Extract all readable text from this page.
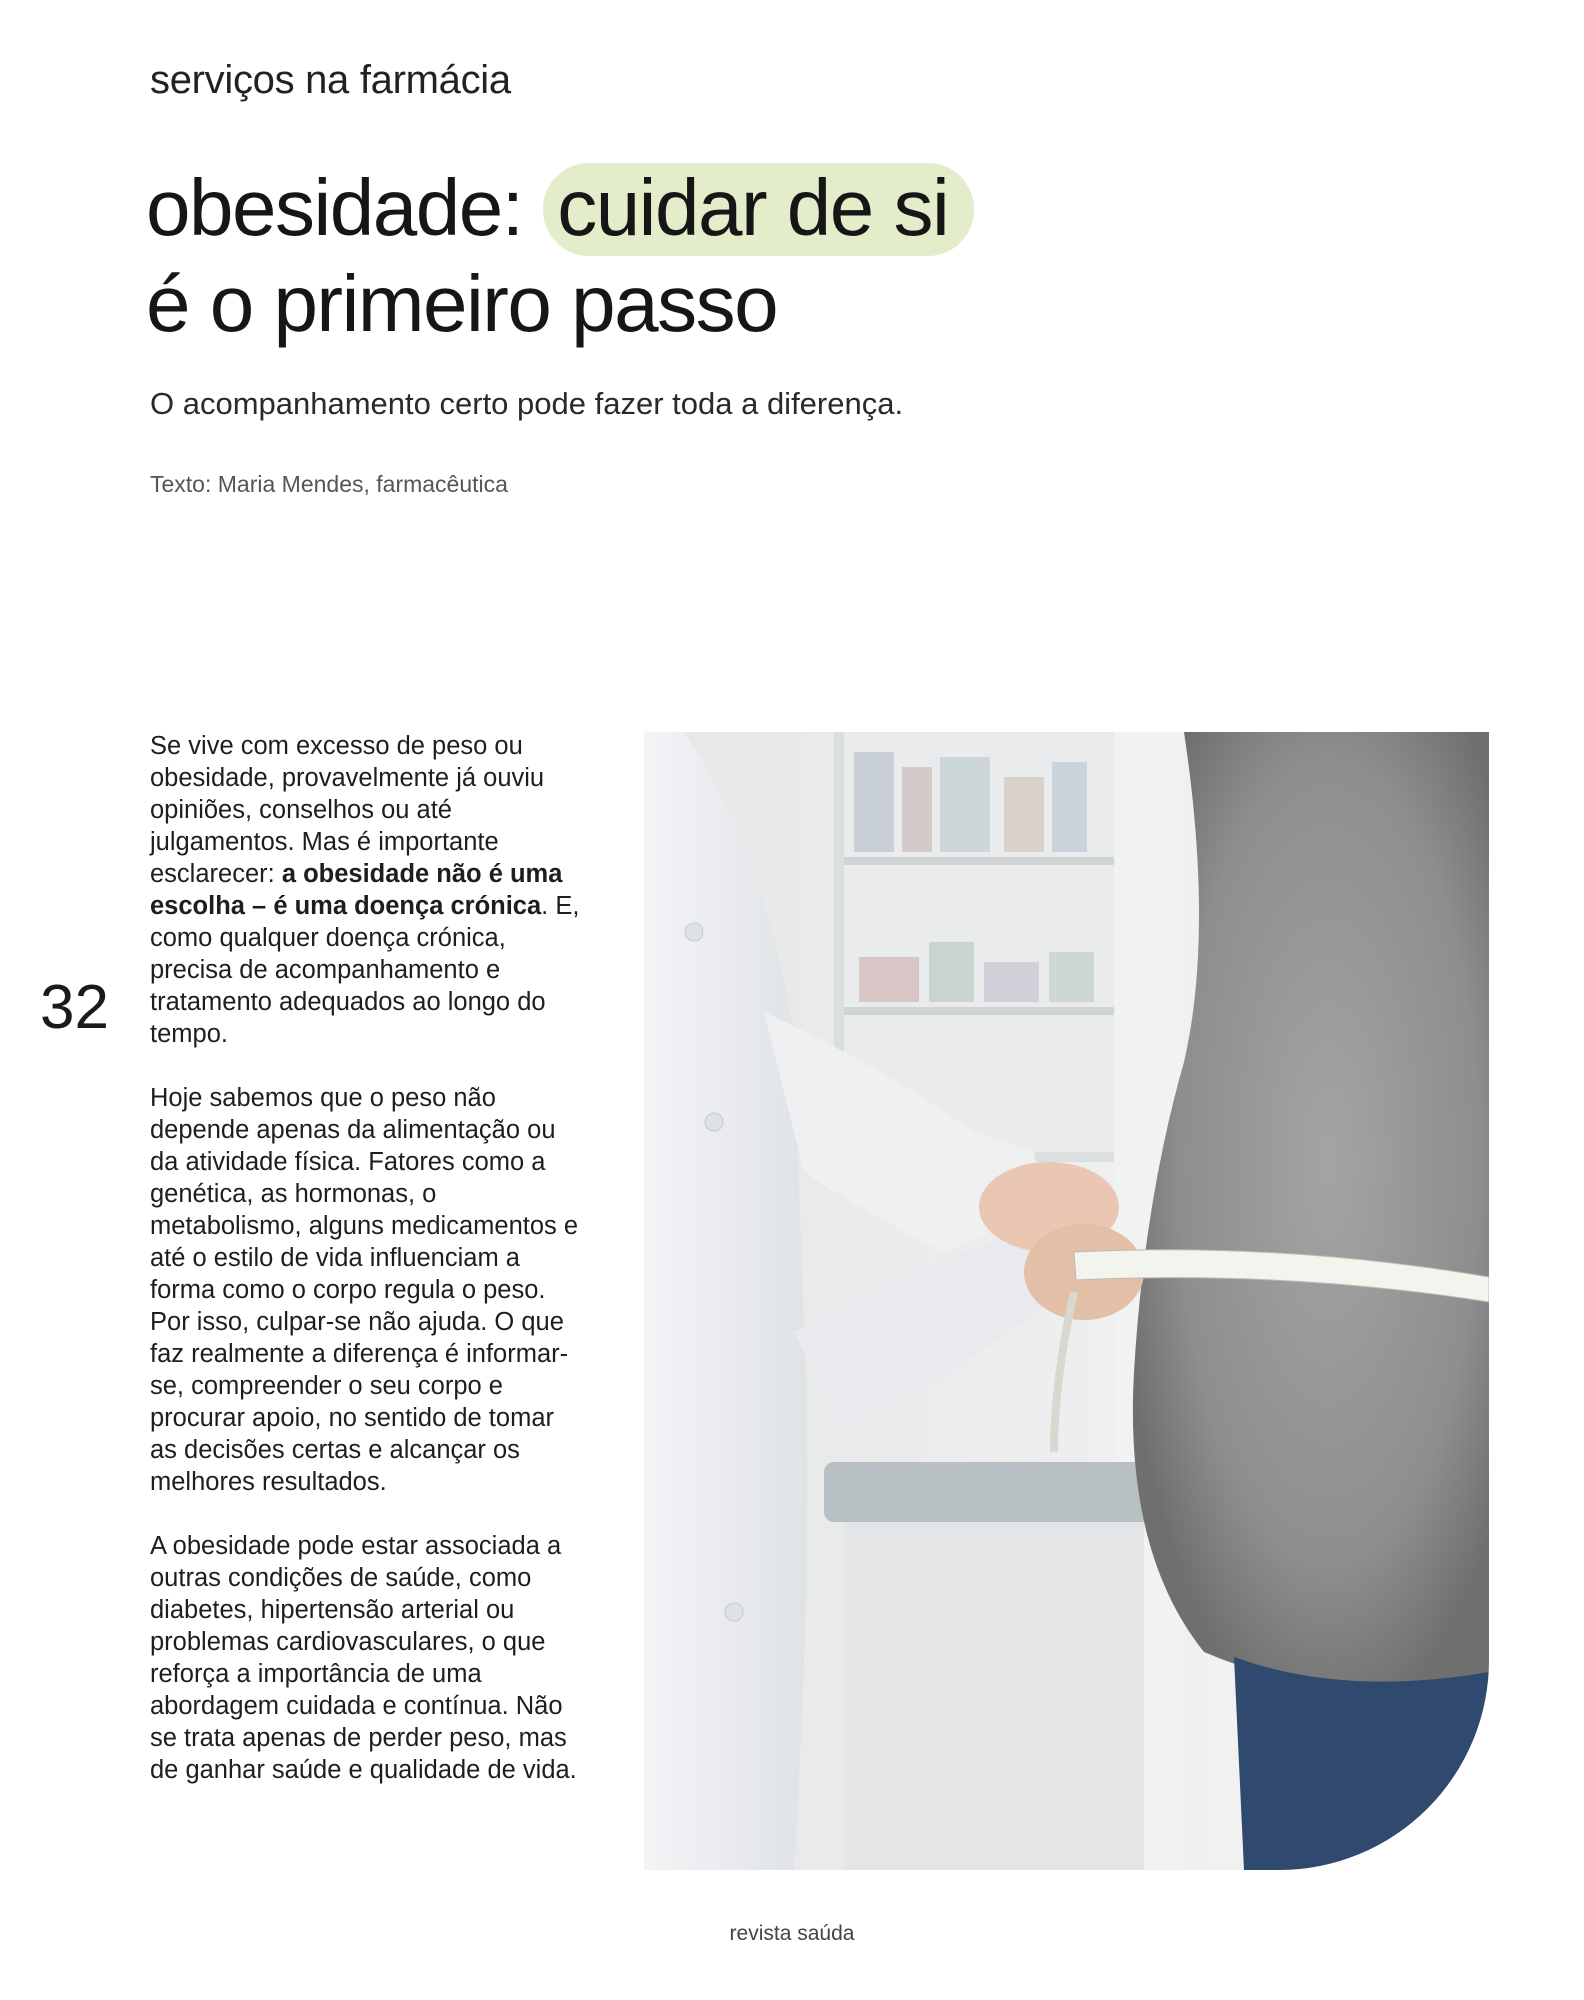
serviços na farmácia
obesidade: cuidar de si
é o primeiro passo

O acompanhamento certo pode fazer toda a diferença.

Texto: Maria Mendes, farmacêutica

32

Se vive com excesso de peso ou obesidade, provavelmente já ouviu opiniões, conselhos ou até julgamentos. Mas é importante esclarecer: a obesidade não é uma escolha – é uma doença crónica. E, como qualquer doença crónica, precisa de acompanhamento e tratamento adequados ao longo do tempo.

Hoje sabemos que o peso não depende apenas da alimentação ou da atividade física. Fatores como a genética, as hormonas, o metabolismo, alguns medicamentos e até o estilo de vida influenciam a forma como o corpo regula o peso. Por isso, culpar-se não ajuda. O que faz realmente a diferença é informar-se, compreender o seu corpo e procurar apoio, no sentido de tomar as decisões certas e alcançar os melhores resultados.

A obesidade pode estar associada a outras condições de saúde, como diabetes, hipertensão arterial ou problemas cardiovasculares, o que reforça a importância de uma abordagem cuidada e contínua. Não se trata apenas de perder peso, mas de ganhar saúde e qualidade de vida.

revista saúda
